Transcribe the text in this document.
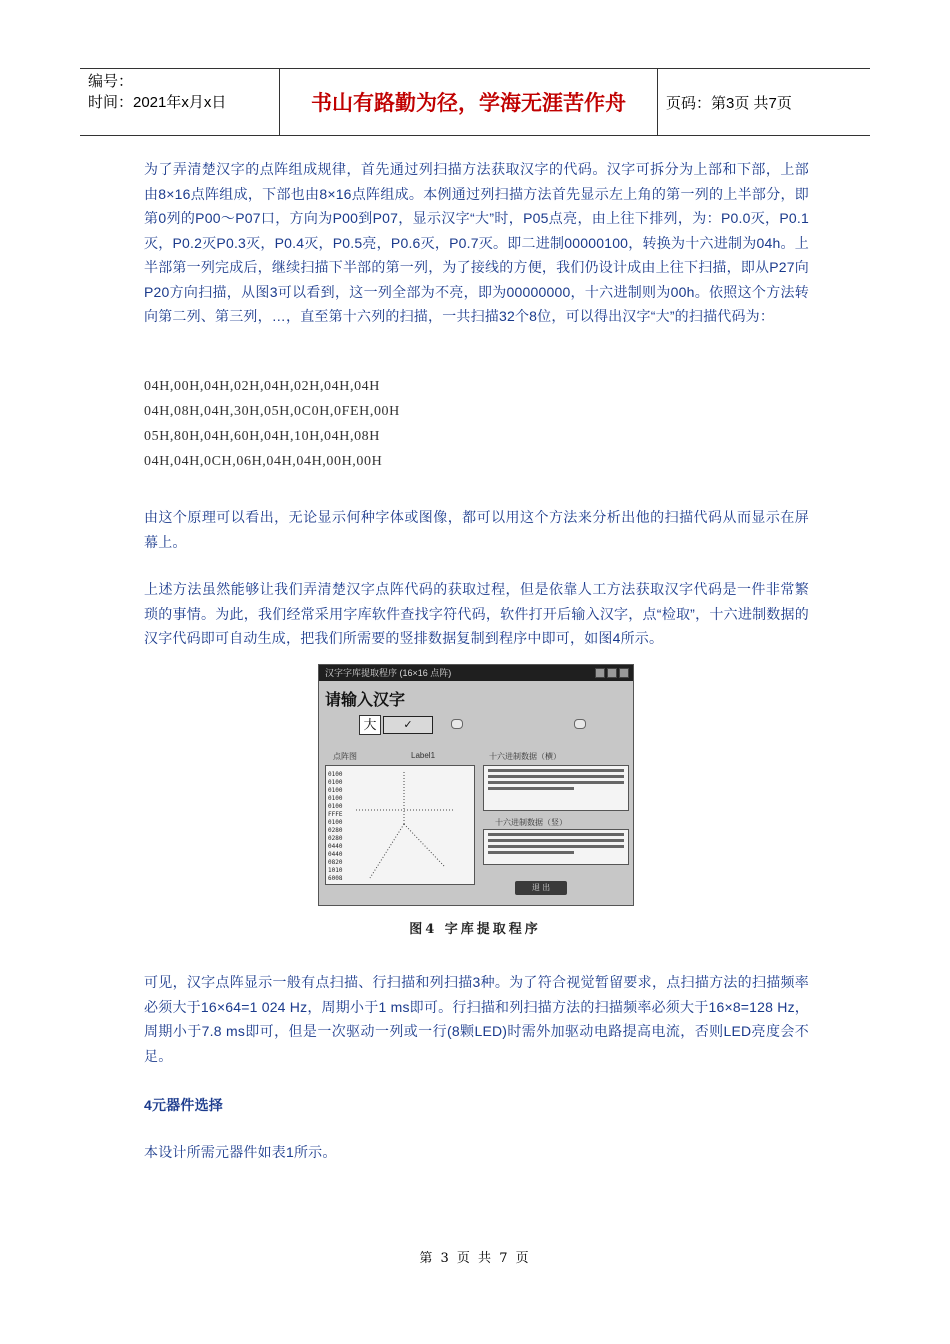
编号：
时间：2021年x月x日	书山有路勤为径，学海无涯苦作舟	页码：第3页 共7页
为了弄清楚汉字的点阵组成规律，首先通过列扫描方法获取汉字的代码。汉字可拆分为上部和下部，上部由8×16点阵组成，下部也由8×16点阵组成。本例通过列扫描方法首先显示左上角的第一列的上半部分，即第0列的P00～P07口，方向为P00到P07，显示汉字“大”时，P05点亮，由上往下排列，为：P0.0灭，P0.1灭，P0.2灭P0.3灭，P0.4灭，P0.5亮，P0.6灭，P0.7灭。即二进制00000100，转换为十六进制为04h。上半部第一列完成后，继续扫描下半部的第一列，为了接线的方便，我们仍设计成由上往下扫描，即从P27向P20方向扫描，从图3可以看到，这一列全部为不亮，即为00000000，十六进制则为00h。依照这个方法转向第二列、第三列，…，直至第十六列的扫描，一共扫描32个8位，可以得出汉字“大”的扫描代码为：
04H,00H,04H,02H,04H,02H,04H,04H
04H,08H,04H,30H,05H,0C0H,0FEH,00H
05H,80H,04H,60H,04H,10H,04H,08H
04H,04H,0CH,06H,04H,04H,00H,00H
由这个原理可以看出，无论显示何种字体或图像，都可以用这个方法来分析出他的扫描代码从而显示在屏幕上。
上述方法虽然能够让我们弄清楚汉字点阵代码的获取过程，但是依靠人工方法获取汉字代码是一件非常繁琐的事情。为此，我们经常采用字库软件查找字符代码，软件打开后输入汉字，点“检取”，十六进制数据的汉字代码即可自动生成，把我们所需要的竖排数据复制到程序中即可，如图4所示。
汉字字库提取程序 (16×16 点阵)
请输入汉字
大	✓
点阵图	Label1	十六进制数据（横）
0100
0100
0100
0100
0100
FFFE
0100
0280
0280
0440
0440
0820
1010
6008
十六进制数据（竖）
退 出
图4 字库提取程序
可见，汉字点阵显示一般有点扫描、行扫描和列扫描3种。为了符合视觉暂留要求，点扫描方法的扫描频率必须大于16×64=1 024 Hz，周期小于1 ms即可。行扫描和列扫描方法的扫描频率必须大于16×8=128 Hz，周期小于7.8 ms即可，但是一次驱动一列或一行(8颗LED)时需外加驱动电路提高电流，否则LED亮度会不足。
4元器件选择
本设计所需元器件如表1所示。
第 3 页 共 7 页
